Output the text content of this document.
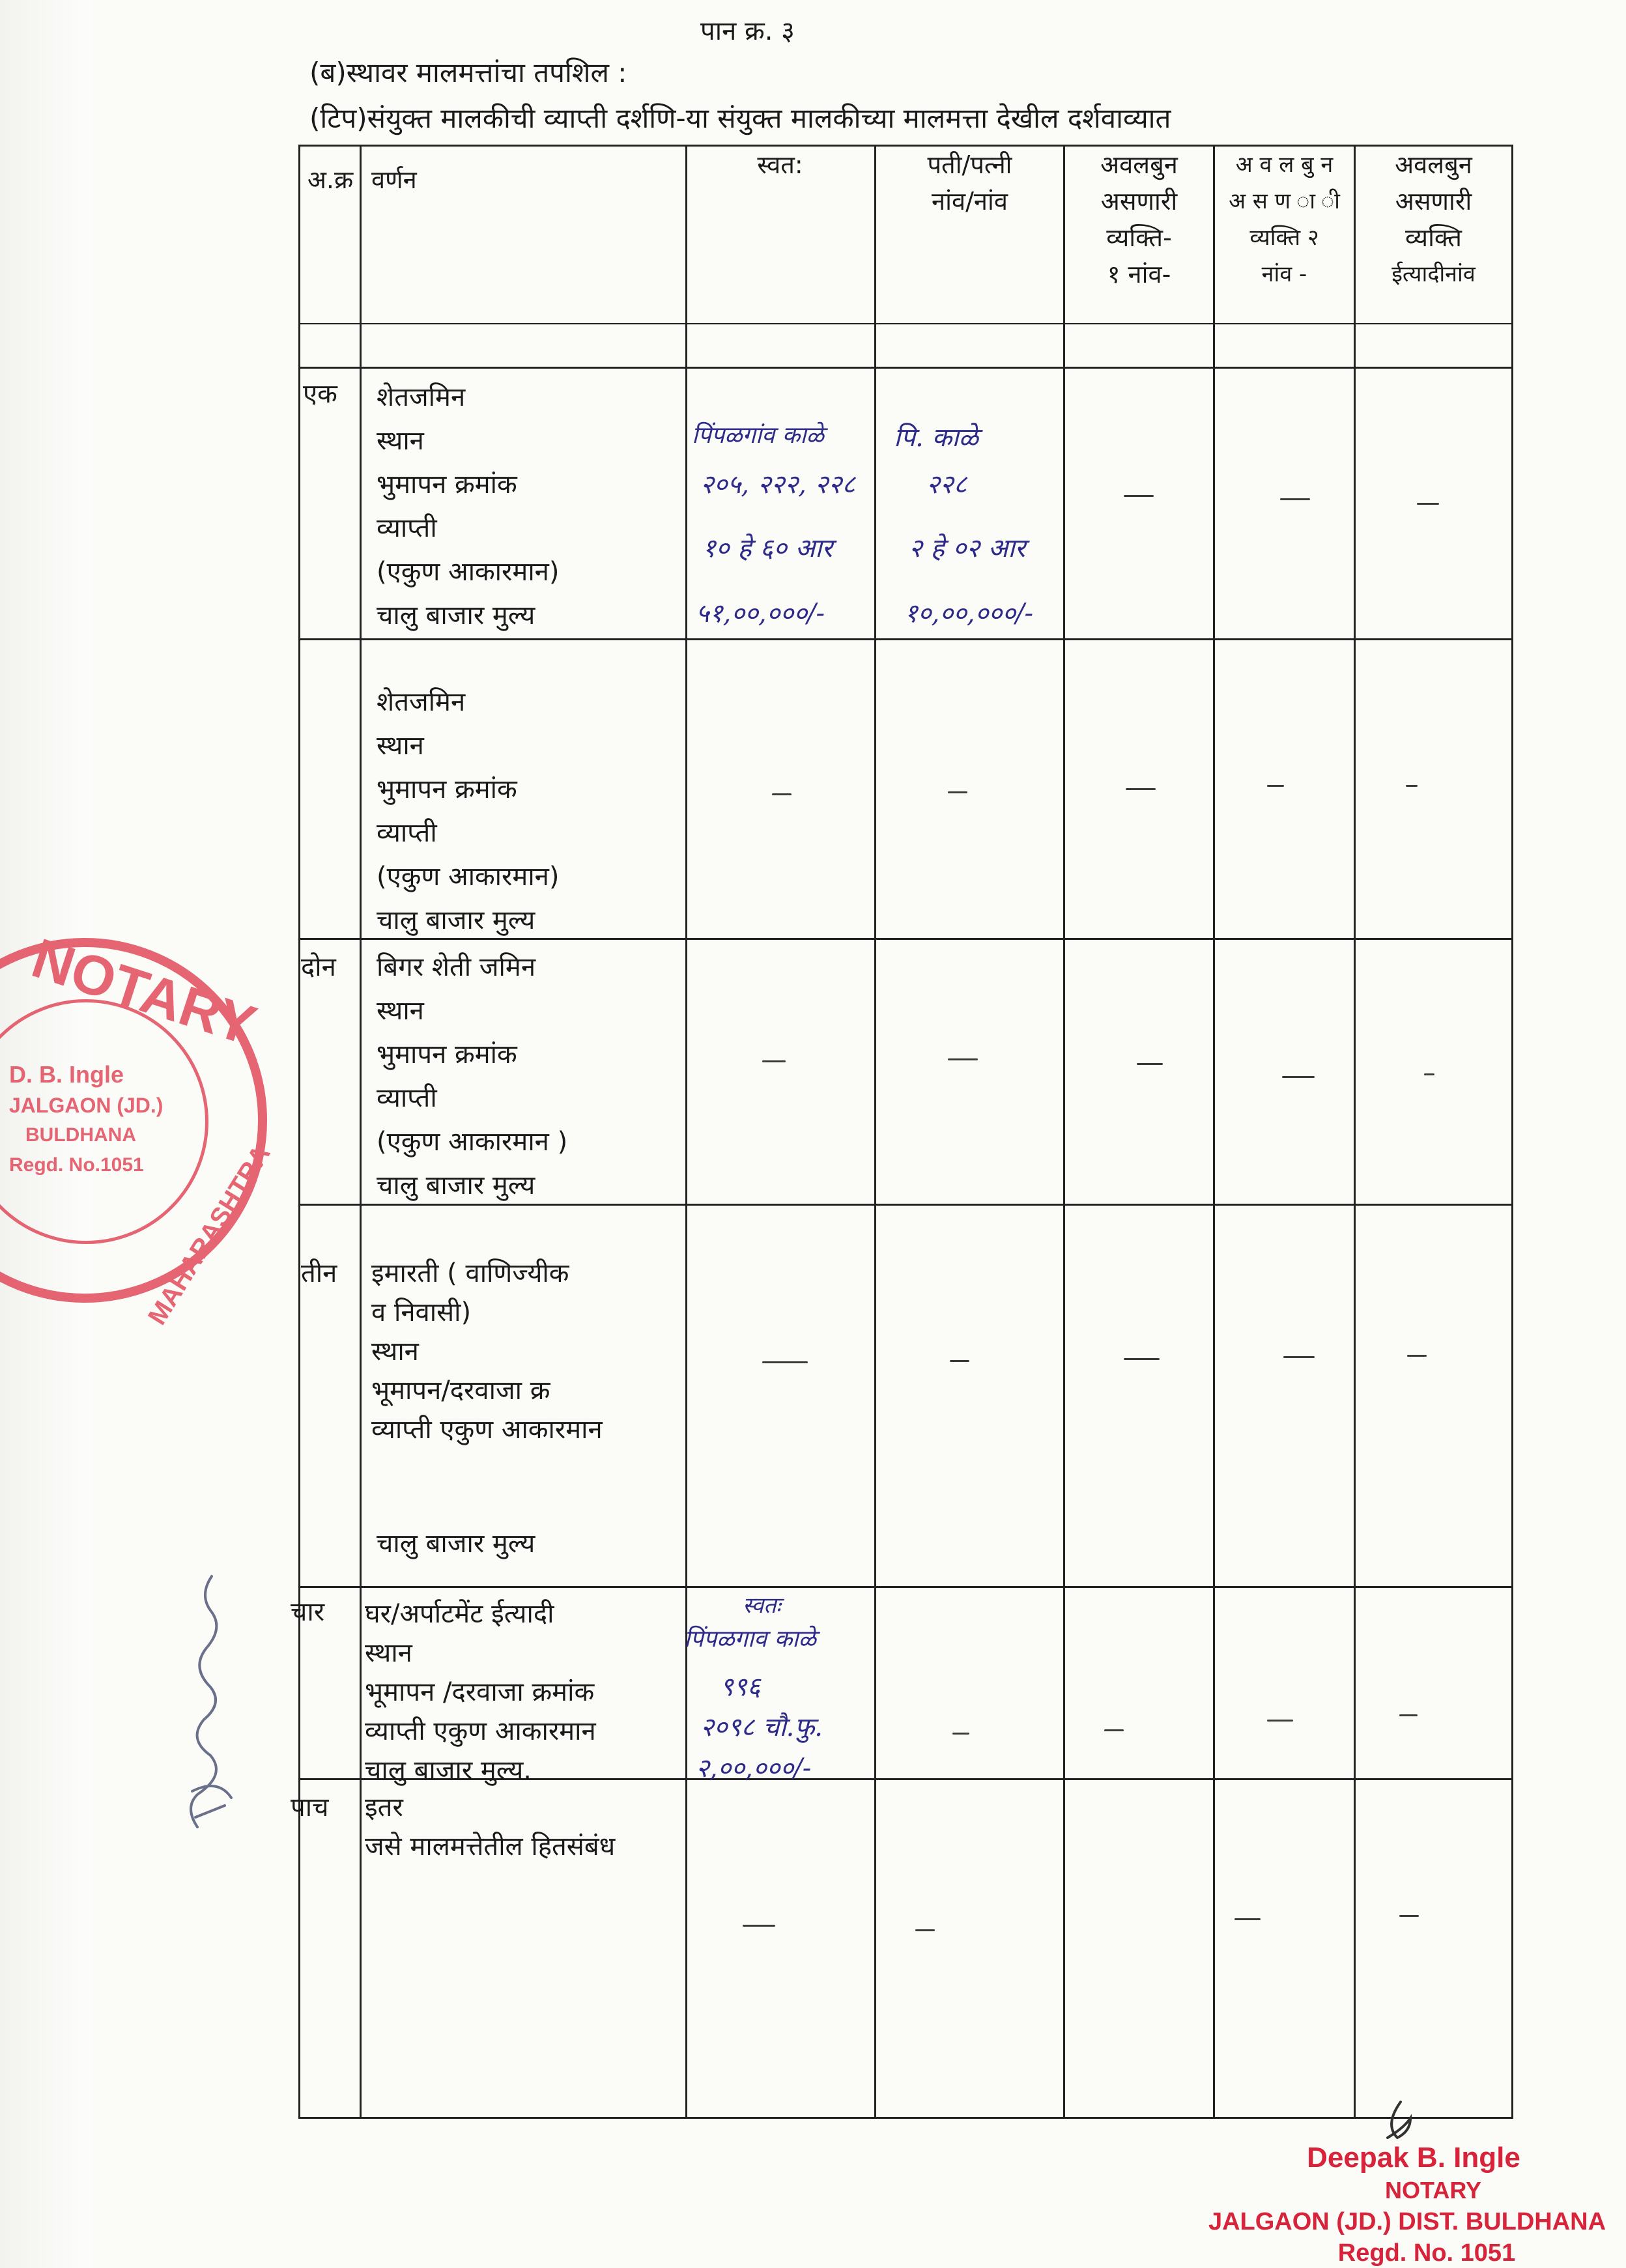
पान क्र. ३
(ब)स्थावर मालमत्तांचा तपशिल :
(टिप)संयुक्त मालकीची व्याप्ती दर्शणि-या संयुक्त मालकीच्या मालमत्ता देखील दर्शवाव्यात
अ.क्र वर्णन
स्वत:	पती/पत्नी
नांव/नांव
अवलबुन
असणारी
व्यक्ति-
१ नांव-
अ व ल बु न
अ स ण ा ी
व्यक्ति २
नांव -
अवलबुन
असणारी
व्यक्ति
ईत्यादीनांव
एक शेतजमिन
स्थान
भुमापन क्रमांक
व्याप्ती
(एकुण आकारमान)
चालु बाजार मुल्य
पिंपळगांव काळे
२०५, २२२, २२८
१० हे ६० आर
५१,००,०००/-
पि. काळे
२२८
२ हे ०२ आर
१०,००,०००/-
शेतजमिन
स्थान
भुमापन क्रमांक
व्याप्ती
(एकुण आकारमान)
चालु बाजार मुल्य
दोन बिगर शेती जमिन
स्थान
भुमापन क्रमांक
व्याप्ती
(एकुण आकारमान )
चालु बाजार मुल्य
तीन इमारती ( वाणिज्यीक
व निवासी)
स्थान
भूमापन/दरवाजा क्र
व्याप्ती एकुण आकारमान
चालु बाजार मुल्य
चार घर/अर्पाटमेंट ईत्यादी
स्थान
भूमापन /दरवाजा क्रमांक
व्याप्ती एकुण आकारमान
चालु बाजार मुल्य.
स्वतः
पिंपळगाव काळे
९९६
२०९८ चौ.फु.
२,००,०००/-
पाच इतर
जसे मालमत्तेतील हितसंबंध
NOTARY
D. B. Ingle
JALGAON (JD.)
BULDHANA
Regd. No.1051
MAHARASHTRA
Deepak B. Ingle
NOTARY
JALGAON (JD.) DIST. BULDHANA
Regd. No. 1051
